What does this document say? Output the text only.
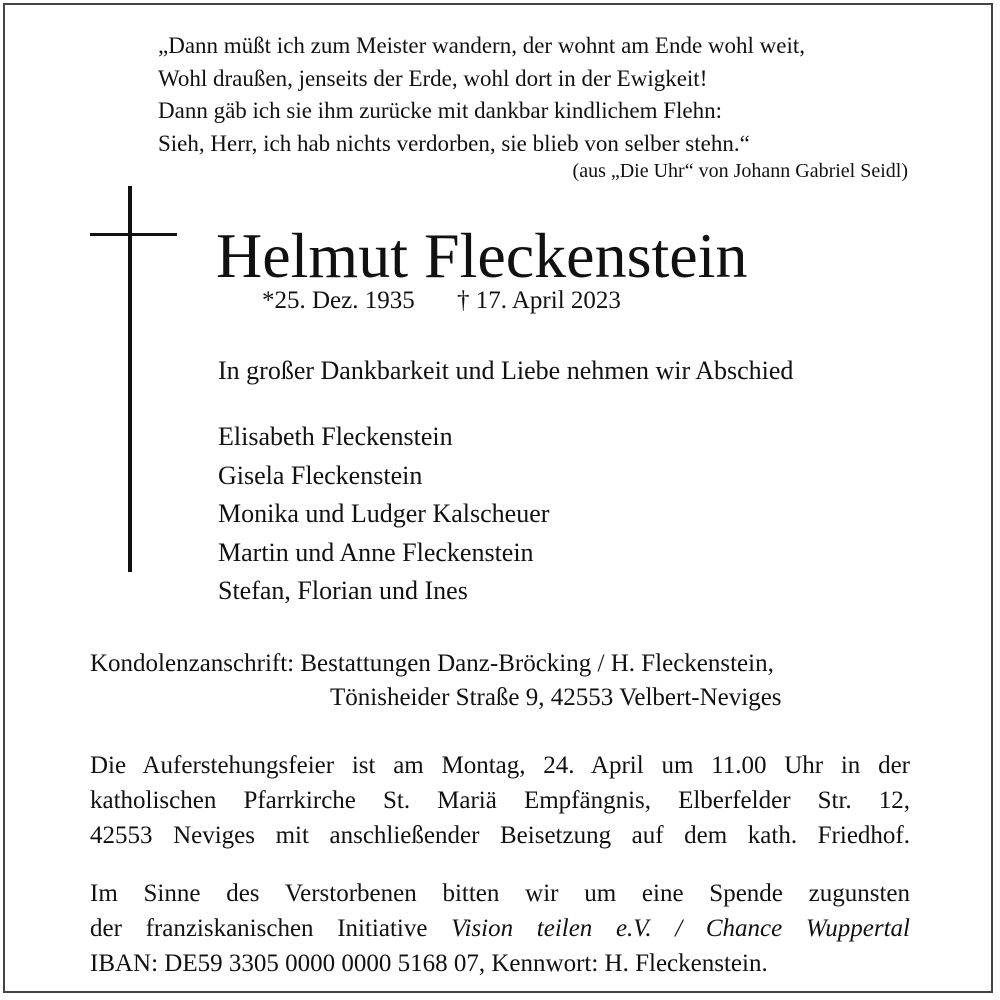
„Dann müßt ich zum Meister wandern, der wohnt am Ende wohl weit,
Wohl draußen, jenseits der Erde, wohl dort in der Ewigkeit!
Dann gäb ich sie ihm zurücke mit dankbar kindlichem Flehn:
Sieh, Herr, ich hab nichts verdorben, sie blieb von selber stehn.“
(aus „Die Uhr“ von Johann Gabriel Seidl)
Helmut Fleckenstein
*25. Dez. 1935 † 17. April 2023
In großer Dankbarkeit und Liebe nehmen wir Abschied
Elisabeth Fleckenstein
Gisela Fleckenstein
Monika und Ludger Kalscheuer
Martin und Anne Fleckenstein
Stefan, Florian und Ines
Kondolenzanschrift: Bestattungen Danz-Bröcking / H. Fleckenstein,
Tönisheider Straße 9, 42553 Velbert-Neviges
Die Auferstehungsfeier ist am Montag, 24. April um 11.00 Uhr in der
katholischen Pfarrkirche St. Mariä Empfängnis, Elberfelder Str. 12,
42553 Neviges mit anschließender Beisetzung auf dem kath. Friedhof.
Im Sinne des Verstorbenen bitten wir um eine Spende zugunsten
der franziskanischen Initiative Vision teilen e.V. / Chance Wuppertal
IBAN: DE59 3305 0000 0000 5168 07, Kennwort: H. Fleckenstein.
